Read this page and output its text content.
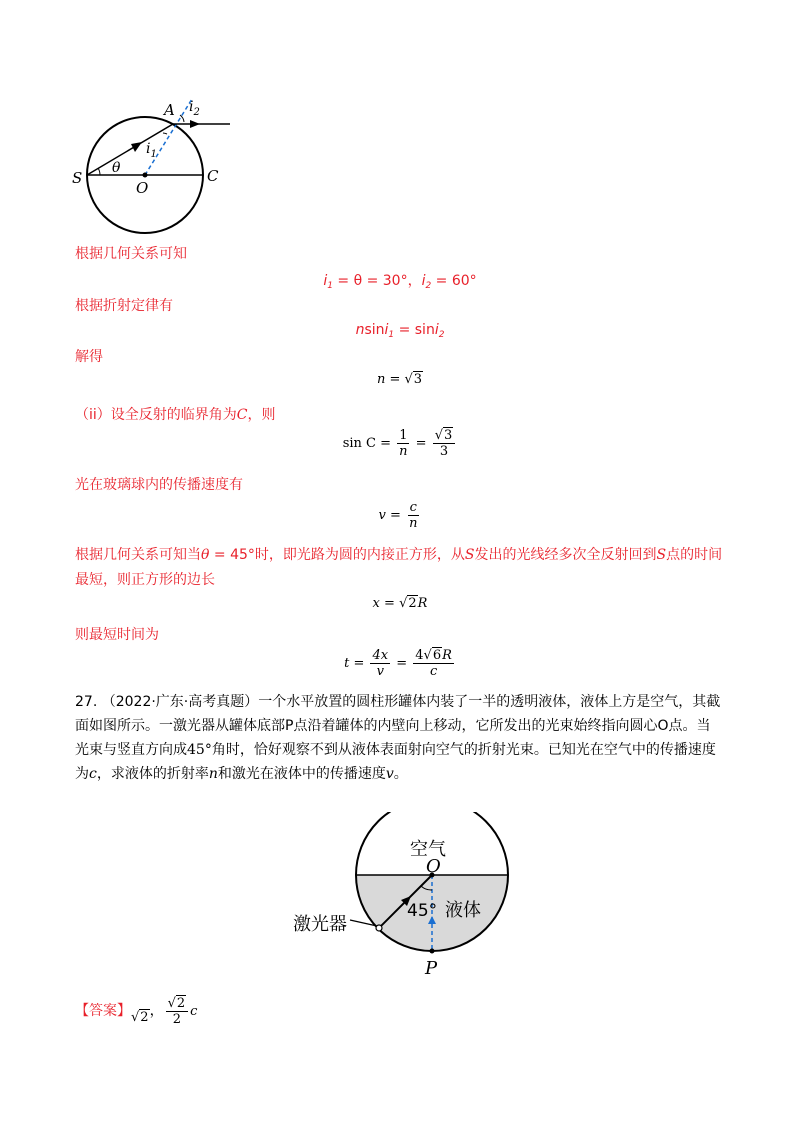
A $i_2$
$i_1$
θ
S
O
C
根据几何关系可知
$i_1 = \theta = 30^\circ$，$i_2 = 60^\circ$
根据折射定律有
nsini$_1$ = sini$_2$
解得
n = √3
（ii）设全反射的临界角为C，则
$\sin C = \frac{1}{n} = \frac{√3}{3}$
光在玻璃球内的传播速度有
$v = \frac{c}{n}$
根据几何关系可知当θ = 45°时，即光路为圆的内接正方形，从S发出的光线经多次全反射回到S点的时间
最短，则正方形的边长
x = √2R
则最短时间为
$t = \frac{4x}{v} = \frac{4√6R}{c}$
27. （2022·广东·高考真题）一个水平放置的圆柱形罐体内装了一半的透明液体，液体上方是空气，其截
面如图所示。一激光器从罐体底部P点沿着罐体的内壁向上移动，它所发出的光束始终指向圆心O点。当
光束与竖直方向成45°角时，恰好观察不到从液体表面射向空气的折射光束。已知光在空气中的传播速度
为c，求液体的折射率n和激光在液体中的传播速度v。
空气
O
45° 液体
激光器
P
【答案】√2， $\frac{√2}{2}$ c
